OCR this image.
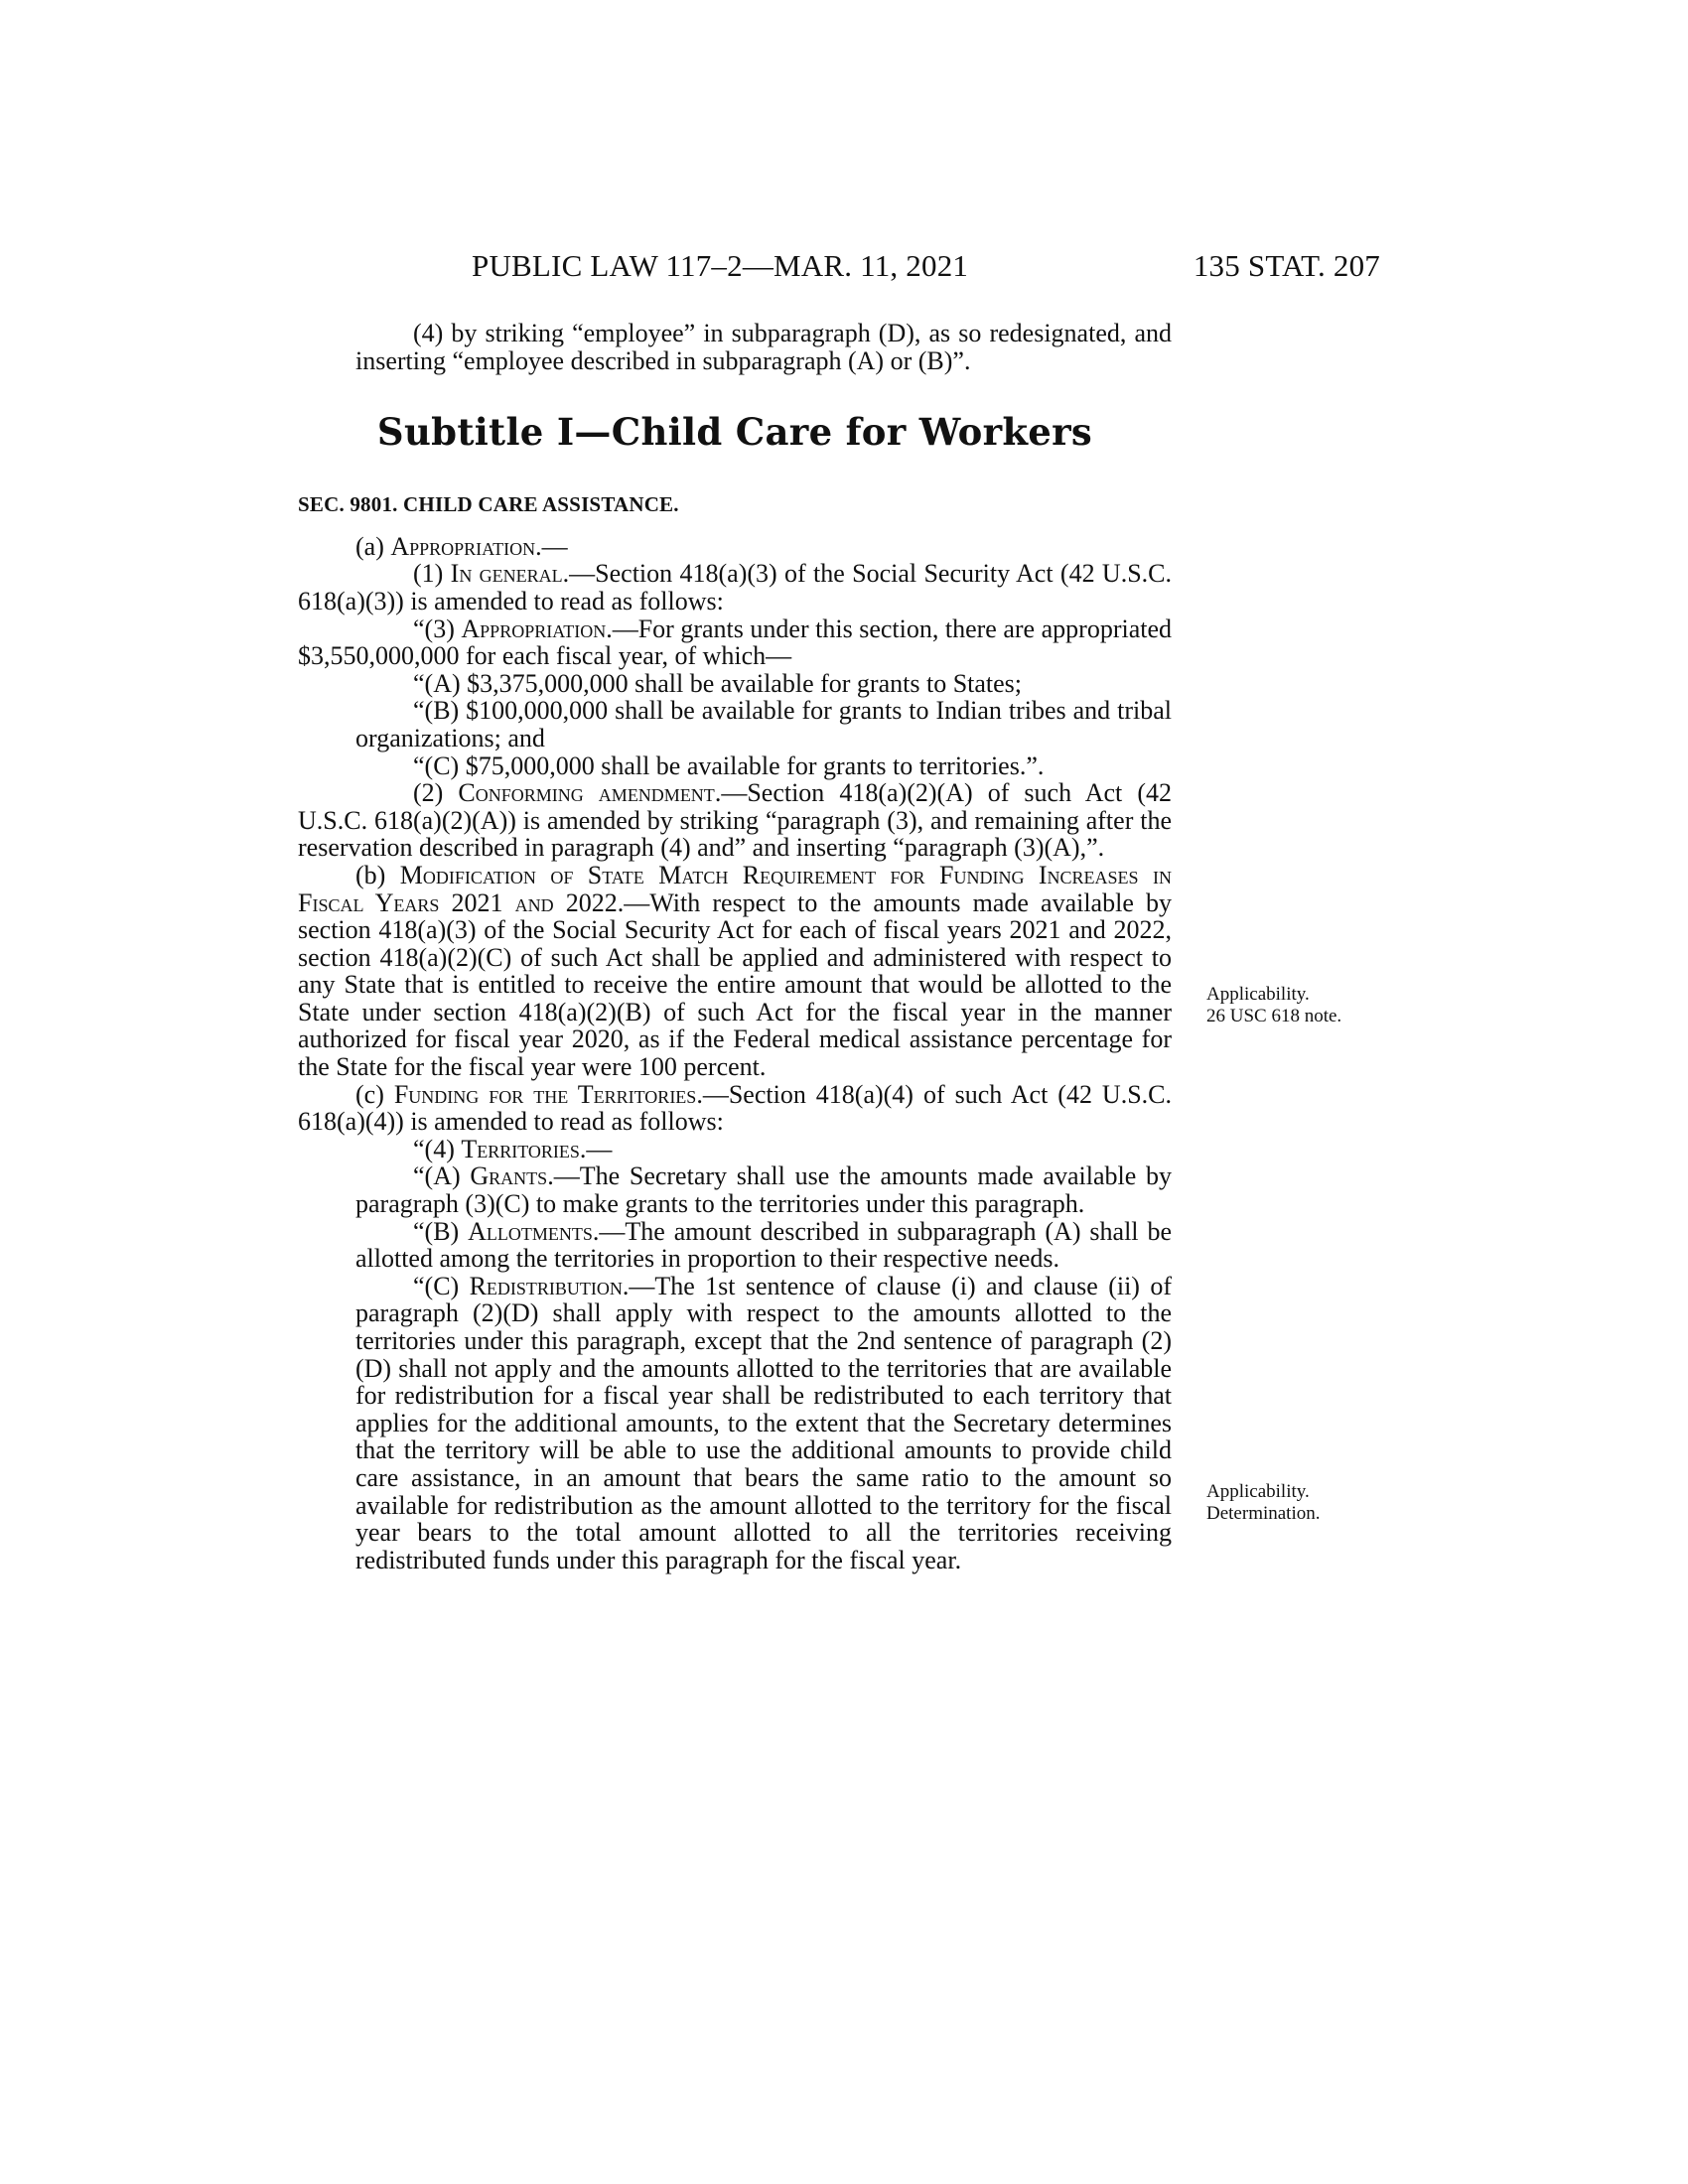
PUBLIC LAW 117–2—MAR. 11, 2021	135 STAT. 207

(4) by striking “employee” in subparagraph (D), as so redesignated, and inserting “employee described in subparagraph (A) or (B)”.

Subtitle I—Child Care for Workers

SEC. 9801. CHILD CARE ASSISTANCE.

(a) Appropriation.—

(1) In general.—Section 418(a)(3) of the Social Security Act (42 U.S.C. 618(a)(3)) is amended to read as follows:

“(3) Appropriation.—For grants under this section, there are appropriated $3,550,000,000 for each fiscal year, of which—

“(A) $3,375,000,000 shall be available for grants to States;

“(B) $100,000,000 shall be available for grants to Indian tribes and tribal organizations; and

“(C) $75,000,000 shall be available for grants to territories.”.

(2) Conforming amendment.—Section 418(a)(2)(A) of such Act (42 U.S.C. 618(a)(2)(A)) is amended by striking “paragraph (3), and remaining after the reservation described in paragraph (4) and” and inserting “paragraph (3)(A),”.

(b) Modification of State Match Requirement for Funding Increases in Fiscal Years 2021 and 2022.—With respect to the amounts made available by section 418(a)(3) of the Social Security Act for each of fiscal years 2021 and 2022, section 418(a)(2)(C) of such Act shall be applied and administered with respect to any State that is entitled to receive the entire amount that would be allotted to the State under section 418(a)(2)(B) of such Act for the fiscal year in the manner authorized for fiscal year 2020, as if the Federal medical assistance percentage for the State for the fiscal year were 100 percent.

(c) Funding for the Territories.—Section 418(a)(4) of such Act (42 U.S.C. 618(a)(4)) is amended to read as follows:

“(4) Territories.—

“(A) Grants.—The Secretary shall use the amounts made available by paragraph (3)(C) to make grants to the territories under this paragraph.

“(B) Allotments.—The amount described in subparagraph (A) shall be allotted among the territories in proportion to their respective needs.

“(C) Redistribution.—The 1st sentence of clause (i) and clause (ii) of paragraph (2)(D) shall apply with respect to the amounts allotted to the territories under this paragraph, except that the 2nd sentence of paragraph (2)(D) shall not apply and the amounts allotted to the territories that are available for redistribution for a fiscal year shall be redistributed to each territory that applies for the additional amounts, to the extent that the Secretary determines that the territory will be able to use the additional amounts to provide child care assistance, in an amount that bears the same ratio to the amount so available for redistribution as the amount allotted to the territory for the fiscal year bears to the total amount allotted to all the territories receiving redistributed funds under this paragraph for the fiscal year.

Applicability.
26 USC 618 note.
Applicability.
Determination.
